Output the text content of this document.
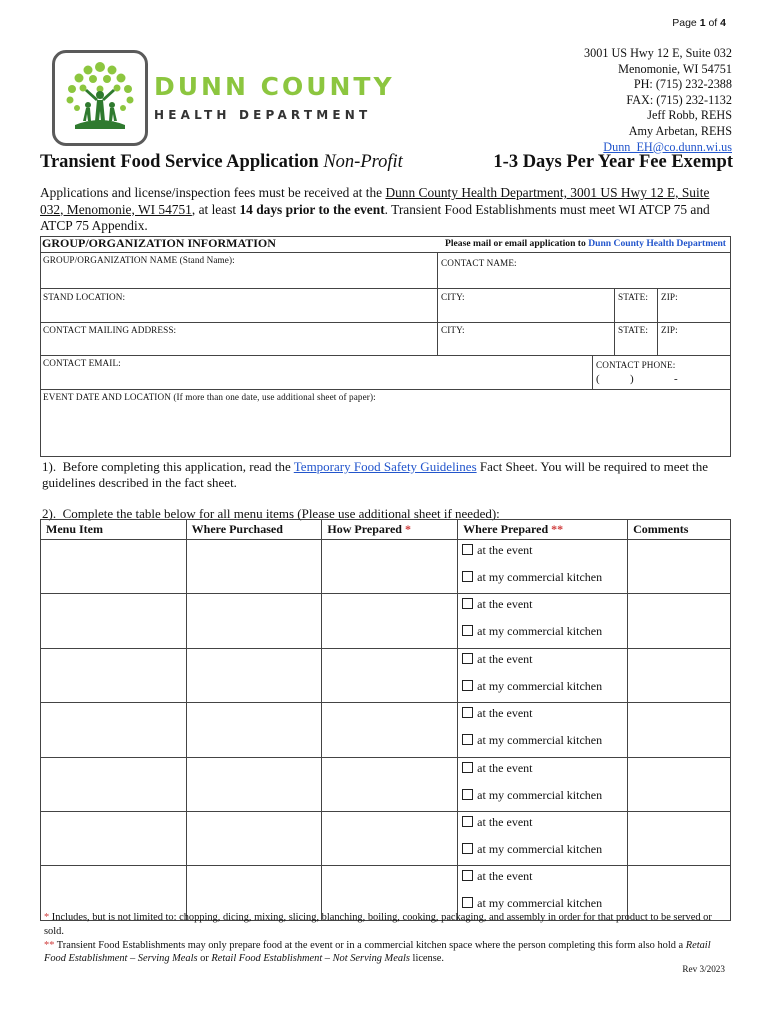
Page 1 of 4
DUNN COUNTY
HEALTH DEPARTMENT
3001 US Hwy 12 E, Suite 032
Menomonie, WI 54751
PH: (715) 232-2388
FAX: (715) 232-1132
Jeff Robb, REHS
Amy Arbetan, REHS
Dunn_EH@co.dunn.wi.us
Transient Food Service Application Non-Profit	1-3 Days Per Year Fee Exempt
Applications and license/inspection fees must be received at the Dunn County Health Department, 3001 US Hwy 12 E, Suite 032, Menomonie, WI 54751, at least 14 days prior to the event. Transient Food Establishments must meet WI ATCP 75 and ATCP 75 Appendix.
GROUP/ORGANIZATION INFORMATION	Please mail or email application to Dunn County Health Department
GROUP/ORGANIZATION NAME (Stand Name):	CONTACT NAME:
STAND LOCATION:	CITY:	STATE: ZIP:
CONTACT MAILING ADDRESS:	CITY:	STATE: ZIP:
CONTACT EMAIL:	CONTACT PHONE:
(	)	-
EVENT DATE AND LOCATION (If more than one date, use additional sheet of paper):
1). Before completing this application, read the Temporary Food Safety Guidelines Fact Sheet. You will be required to meet the guidelines described in the fact sheet.
2). Complete the table below for all menu items (Please use additional sheet if needed):
Menu Item	Where Purchased	How Prepared *	Where Prepared **	Comments

			at the event
at my commercial kitchen	

			at the event
at my commercial kitchen	

			at the event
at my commercial kitchen	

			at the event
at my commercial kitchen	

			at the event
at my commercial kitchen	

			at the event
at my commercial kitchen	

			at the event
at my commercial kitchen	

* Includes, but is not limited to: chopping, dicing, mixing, slicing, blanching, boiling, cooking, packaging, and assembly in order for that product to be served or sold.
** Transient Food Establishments may only prepare food at the event or in a commercial kitchen space where the person completing this form also hold a Retail Food Establishment – Serving Meals or Retail Food Establishment – Not Serving Meals license.
Rev 3/2023
